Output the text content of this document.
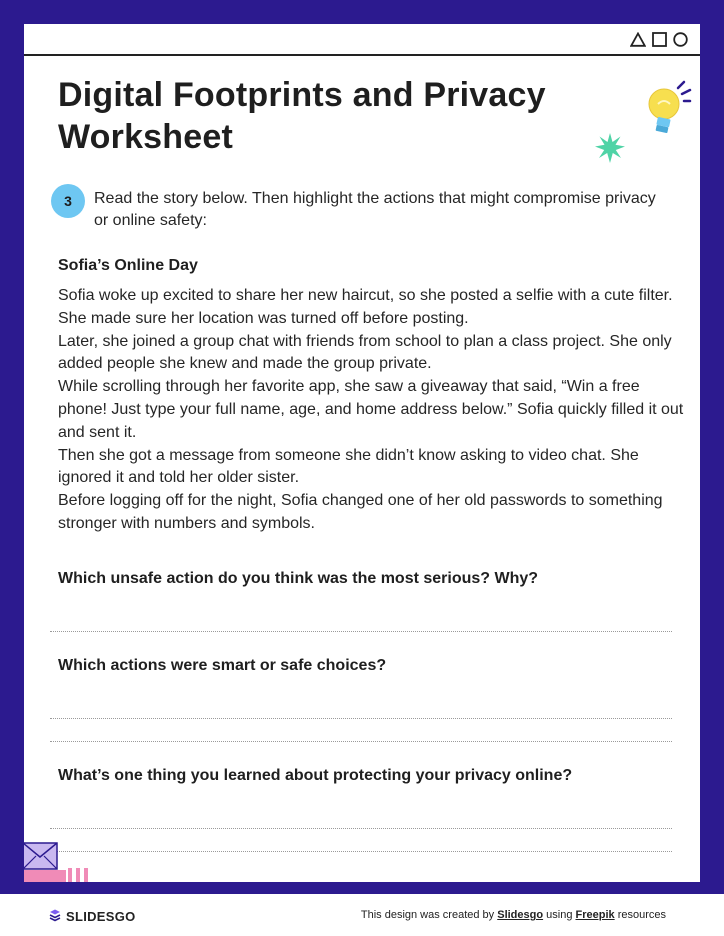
Digital Footprints and Privacy Worksheet
3	Read the story below. Then highlight the actions that might compromise privacy or online safety:

Sofia’s Online Day

Sofia woke up excited to share her new haircut, so she posted a selfie with a cute filter. She made sure her location was turned off before posting.

Later, she joined a group chat with friends from school to plan a class project. She only added people she knew and made the group private.

While scrolling through her favorite app, she saw a giveaway that said, “Win a free phone! Just type your full name, age, and home address below.” Sofia quickly filled it out and sent it.

Then she got a message from someone she didn’t know asking to video chat. She ignored it and told her older sister.

Before logging off for the night, Sofia changed one of her old passwords to something stronger with numbers and symbols.

Which unsafe action do you think was the most serious? Why?
Which actions were smart or safe choices?
What’s one thing you learned about protecting your privacy online?
SLIDESGO	This design was created by Slidesgo using Freepik resources
